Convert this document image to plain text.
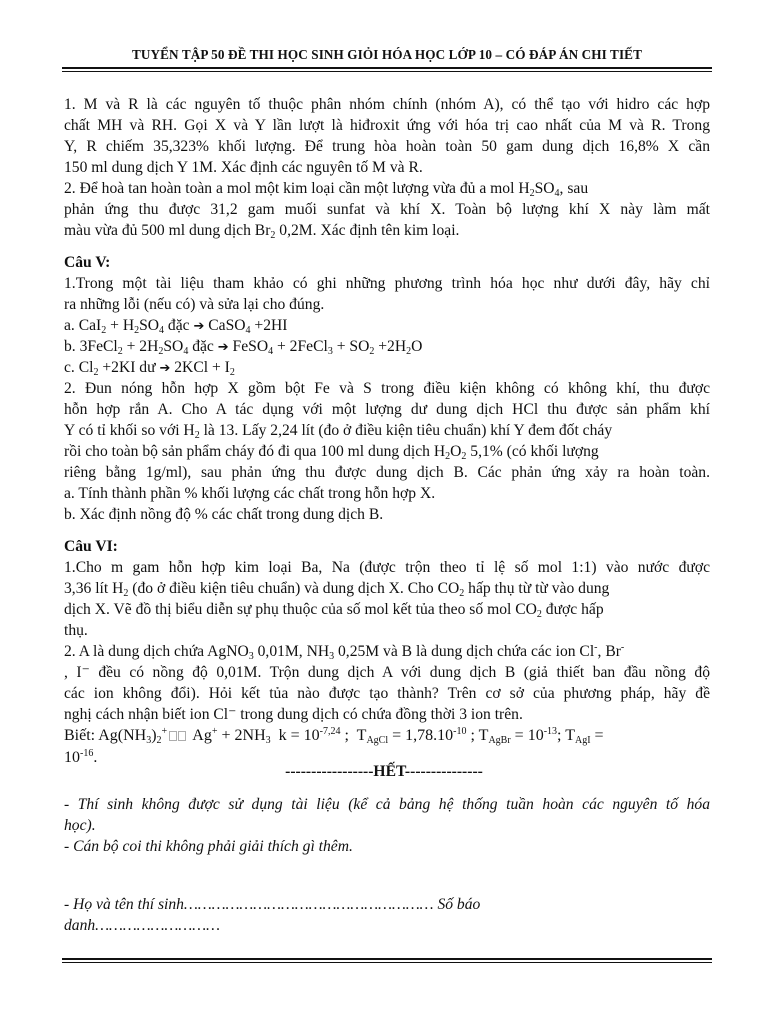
TUYỂN TẬP 50 ĐỀ THI HỌC SINH GIỎI HÓA HỌC LỚP 10 – CÓ ĐÁP ÁN CHI TIẾT
1. M và R là các nguyên tố thuộc phân nhóm chính (nhóm A), có thể tạo với hidro các hợp
chất MH và RH. Gọi X và Y lần lượt là hiđroxit ứng với hóa trị cao nhất của M và R. Trong
Y, R chiếm 35,323% khối lượng. Để trung hòa hoàn toàn 50 gam dung dịch 16,8% X cần
150 ml dung dịch Y 1M. Xác định các nguyên tố M và R.
2. Để hoà tan hoàn toàn a mol một kim loại cần một lượng vừa đủ a mol $H_2SO_4$, sau
phản ứng thu được 31,2 gam muối sunfat và khí X. Toàn bộ lượng khí X này làm mất
màu vừa đủ 500 ml dung dịch $Br_2$ 0,2M. Xác định tên kim loại.
Câu V:
1.Trong một tài liệu tham khảo có ghi những phương trình hóa học như dưới đây, hãy chỉ
ra những lỗi (nếu có) và sửa lại cho đúng.
a. $CaI_2 + H_2SO_4$ đặc ➔ CaSO$_4$ +2HI
b. 3FeCl$_2$ + $2H_2SO_4$ đặc ➔ FeSO$_4$ + 2FeCl$_3$ + $SO_2 +2H_2O$
c. $Cl_2 +2KI$ dư ➔ $2KCl + I_2$
2. Đun nóng hỗn hợp X gồm bột Fe và S trong điều kiện không có không khí, thu được
hỗn hợp rắn A. Cho A tác dụng với một lượng dư dung dịch HCl thu được sản phẩm khí
Y có tỉ khối so với $H_2$ là 13. Lấy 2,24 lít (đo ở điều kiện tiêu chuẩn) khí Y đem đốt cháy
rồi cho toàn bộ sản phẩm cháy đó đi qua 100 ml dung dịch $H_2O_2$ 5,1% (có khối lượng
riêng bằng 1g/ml), sau phản ứng thu được dung dịch B. Các phản ứng xảy ra hoàn toàn.
a. Tính thành phần % khối lượng các chất trong hỗn hợp X.
b. Xác định nồng độ % các chất trong dung dịch B.
Câu VI:
1.Cho m gam hỗn hợp kim loại Ba, Na (được trộn theo tỉ lệ số mol 1:1) vào nước được
3,36 lít $H_2$ (đo ở điều kiện tiêu chuẩn) và dung dịch X. Cho $CO_2$ hấp thụ từ từ vào dung
dịch X. Vẽ đồ thị biểu diễn sự phụ thuộc của số mol kết tủa theo số mol $CO_2$ được hấp
thụ.
2. A là dung dịch chứa AgNO$_3$ 0,01M, $NH_3$ 0,25M và B là dung dịch chứa các ion Cl-, Br-
, I⁻ đều có nồng độ 0,01M. Trộn dung dịch A với dung dịch B (giả thiết ban đầu nồng độ
các ion không đổi). Hỏi kết tủa nào được tạo thành? Trên cơ sở của phương pháp, hãy đề
nghị cách nhận biết ion Cl⁻ trong dung dịch có chứa đồng thời 3 ion trên.
Biết: $Ag(NH_3)_2^+$ $Ag^+ + 2NH_3$  $k = 10^{-7,24}$ ;  $T_{AgCl} = 1,78.10^{-10}$ ; $T_{AgBr} = 10^{-13}$; $T_{AgI}$ =
$10^{-16}$.
-----------------HẾT---------------
- Thí sinh không được sử dụng tài liệu (kể cả bảng hệ thống tuần hoàn các nguyên tố hóa
học).
- Cán bộ coi thi không phải giải thích gì thêm.
- Họ và tên thí sinh……………………………………………… Số báo
danh………………………
